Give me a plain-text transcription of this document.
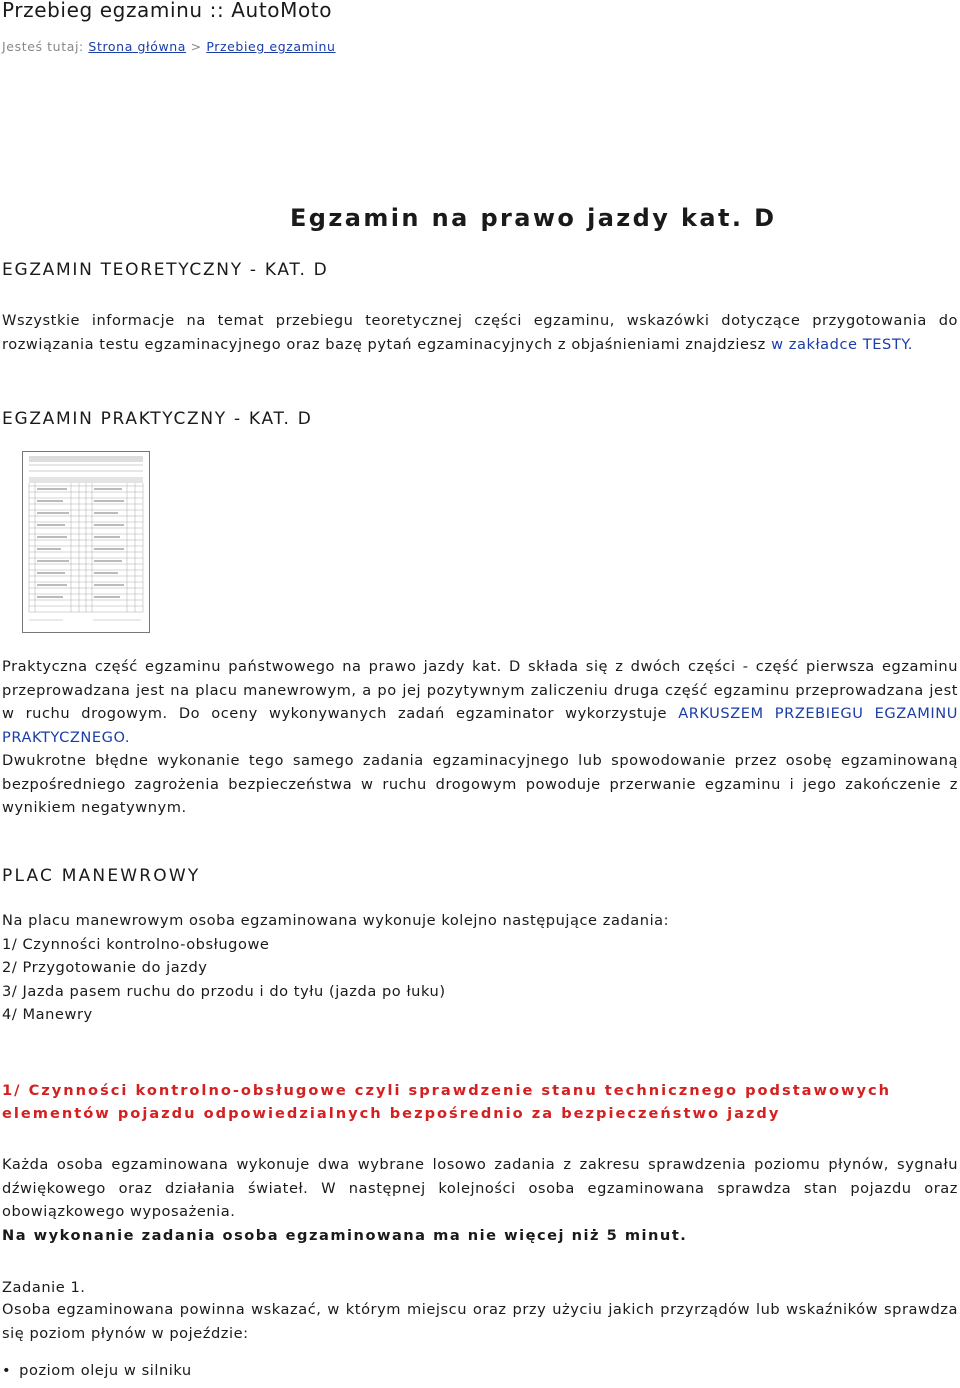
Przebieg egzaminu :: AutoMoto
Jesteś tutaj: Strona główna > Przebieg egzaminu
Egzamin na prawo jazdy kat. D
EGZAMIN TEORETYCZNY - KAT. D

Wszystkie informacje na temat przebiegu teoretycznej części egzaminu, wskazówki dotyczące przygotowania do rozwiązania testu egzaminacyjnego oraz bazę pytań egzaminacyjnych z objaśnieniami znajdziesz w zakładce TESTY.

EGZAMIN PRAKTYCZNY - KAT. D

Praktyczna część egzaminu państwowego na prawo jazdy kat. D składa się z dwóch części - część pierwsza egzaminu przeprowadzana jest na placu manewrowym, a po jej pozytywnym zaliczeniu druga część egzaminu przeprowadzana jest w ruchu drogowym. Do oceny wykonywanych zadań egzaminator wykorzystuje ARKUSZEM PRZEBIEGU EGZAMINU PRAKTYCZNEGO.
Dwukrotne błędne wykonanie tego samego zadania egzaminacyjnego lub spowodowanie przez osobę egzaminowaną bezpośredniego zagrożenia bezpieczeństwa w ruchu drogowym powoduje przerwanie egzaminu i jego zakończenie z wynikiem negatywnym.

PLAC MANEWROWY
Na placu manewrowym osoba egzaminowana wykonuje kolejno następujące zadania:
1/ Czynności kontrolno-obsługowe
2/ Przygotowanie do jazdy
3/ Jazda pasem ruchu do przodu i do tyłu (jazda po łuku)
4/ Manewry

1/ Czynności kontrolno-obsługowe czyli sprawdzenie stanu technicznego podstawowych elementów pojazdu odpowiedzialnych bezpośrednio za bezpieczeństwo jazdy

Każda osoba egzaminowana wykonuje dwa wybrane losowo zadania z zakresu sprawdzenia poziomu płynów, sygnału dźwiękowego oraz działania świateł. W następnej kolejności osoba egzaminowana sprawdza stan pojazdu oraz obowiązkowego wyposażenia.
Na wykonanie zadania osoba egzaminowana ma nie więcej niż 5 minut.

Zadanie 1.

Osoba egzaminowana powinna wskazać, w którym miejscu oraz przy użyciu jakich przyrządów lub wskaźników sprawdza się poziom płynów w pojeździe:

• poziom oleju w silniku
